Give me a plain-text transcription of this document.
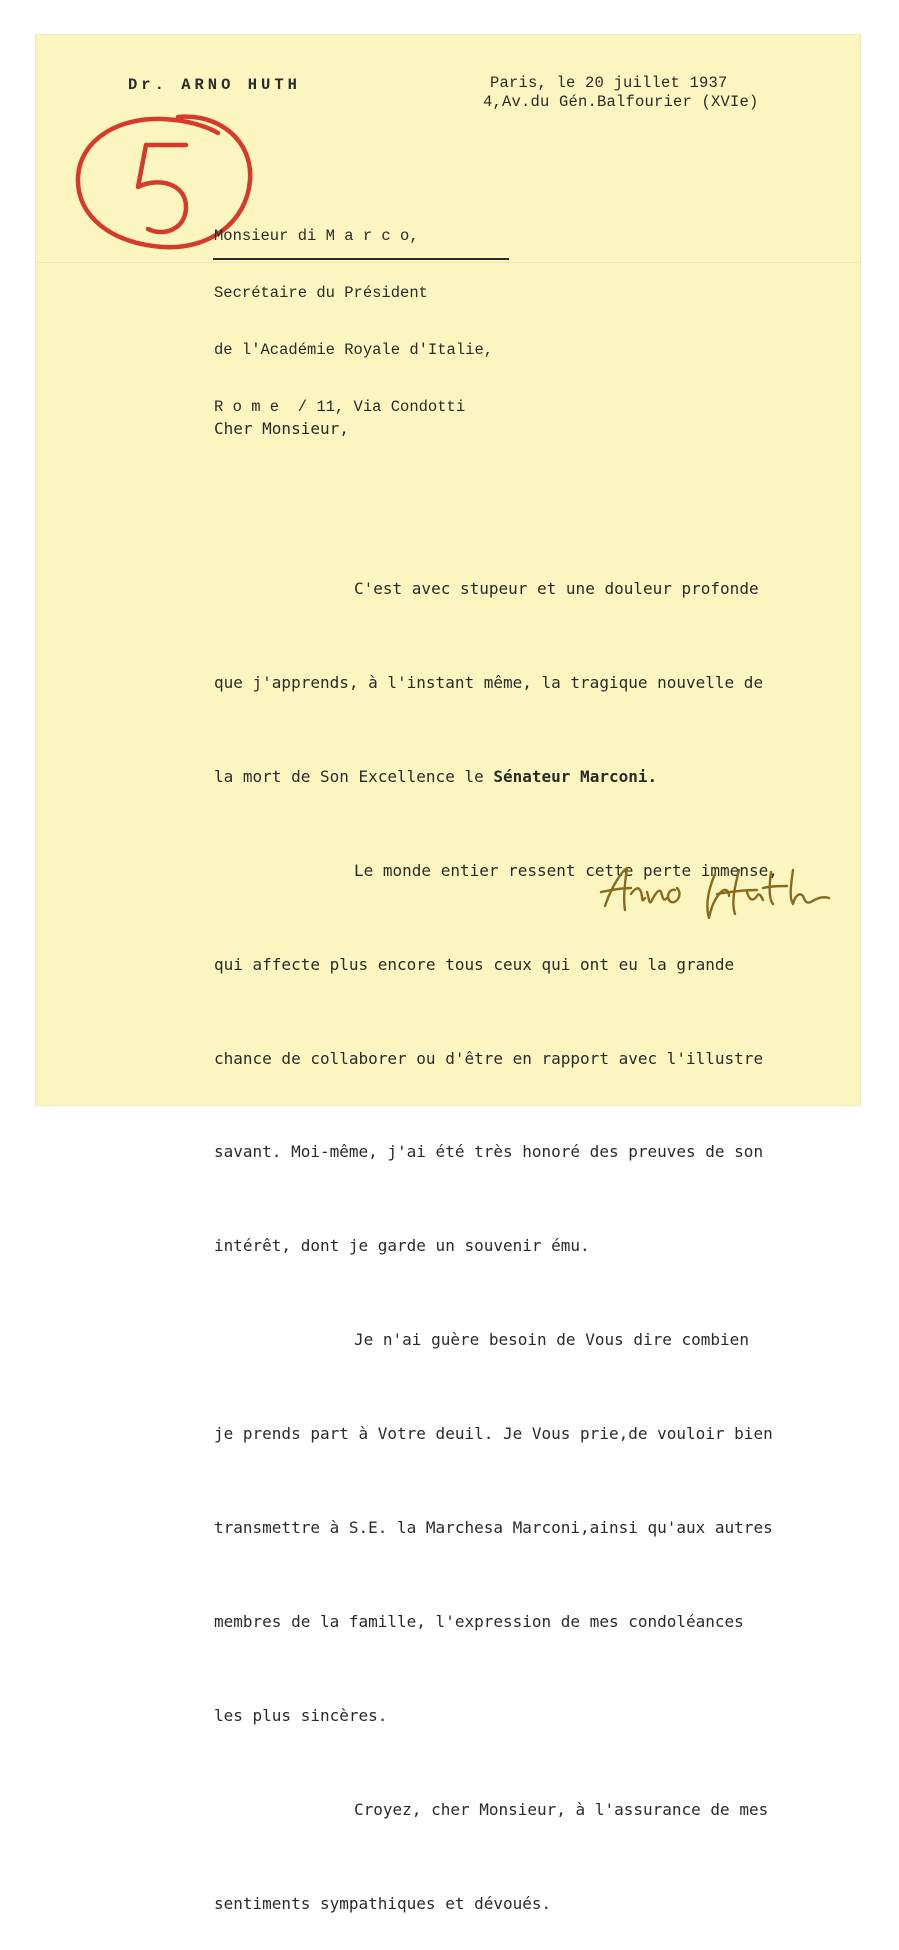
Dr. ARNO HUTH	Paris, le 20 juillet 1937
4,Av.du Gén.Balfourier (XVIe)

Monsieur di M a r c o,

Secrétaire du Président

de l'Académie Royale d'Italie,

R o m e  / 11, Via Condotti

Cher Monsieur,

C'est avec stupeur et une douleur profonde

que j'apprends, à l'instant même, la tragique nouvelle de

la mort de Son Excellence le Sénateur Marconi.

Le monde entier ressent cette perte immense,

qui affecte plus encore tous ceux qui ont eu la grande

chance de collaborer ou d'être en rapport avec l'illustre

savant. Moi-même, j'ai été très honoré des preuves de son

intérêt, dont je garde un souvenir ému.

Je n'ai guère besoin de Vous dire combien

je prends part à Votre deuil. Je Vous prie,de vouloir bien

transmettre à S.E. la Marchesa Marconi,ainsi qu'aux autres

membres de la famille, l'expression de mes condoléances

les plus sincères.

Croyez, cher Monsieur, à l'assurance de mes

sentiments sympathiques et dévoués.
